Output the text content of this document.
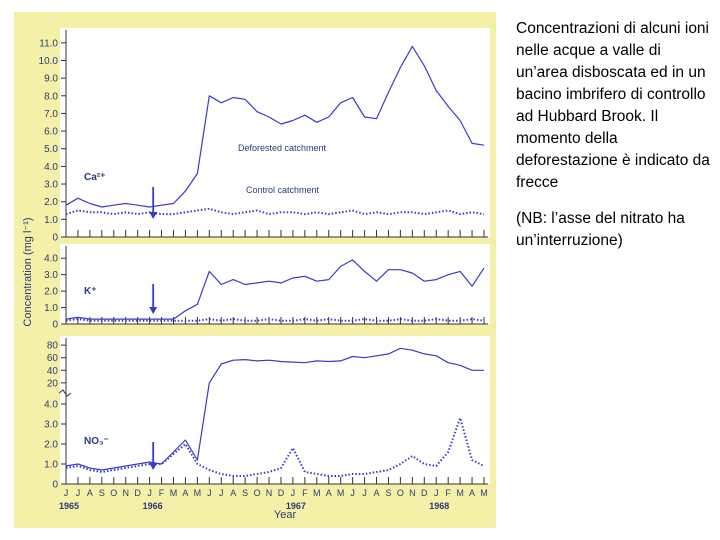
0
1.0
2.0
3.0
4.0
5.0
6.0
7.0
8.0
9.0
10.0
11.0
Ca²⁺
0
1.0
2.0
3.0
4.0
K⁺
0
1.0
2.0
3.0
4.0
20
40
60
80
NO₃⁻
Deforested catchment
Control catchment
J J A S O N D J F M A M J J A S O N D J F M A M J J A S O N D J F M A M
1965	1966	1967	1968
Concentration (mg l⁻¹)
Year

Concentrazioni di alcuni ioni nelle acque a valle di un’area disboscata ed in un bacino imbrifero di controllo ad Hubbard Brook. Il momento della deforestazione è indicato da frecce

(NB: l’asse del nitrato ha un’interruzione)
